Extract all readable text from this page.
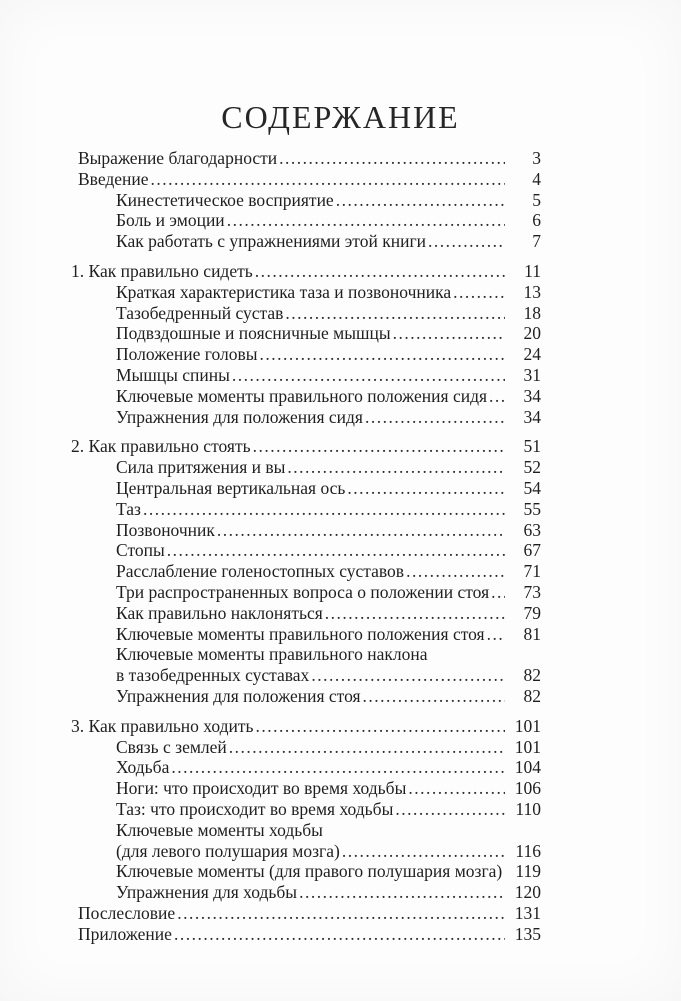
СОДЕРЖАНИЕ
Выражение благодарности .....	3
Введение .....	4
Кинестетическое восприятие .....	5
Боль и эмоции .....	6
Как работать с упражнениями этой книги .....	7
1. Как правильно сидеть .....	11
Краткая характеристика таза и позвоночника .....	13
Тазобедренный сустав .....	18
Подвздошные и поясничные мышцы .....	20
Положение головы .....	24
Мышцы спины .....	31
Ключевые моменты правильного положения сидя .....	34
Упражнения для положения сидя .....	34
2. Как правильно стоять .....	51
Сила притяжения и вы .....	52
Центральная вертикальная ось .....	54
Таз .....	55
Позвоночник .....	63
Стопы .....	67
Расслабление голеностопных суставов .....	71
Три распространенных вопроса о положении стоя .....	73
Как правильно наклоняться .....	79
Ключевые моменты правильного положения стоя .....	81
Ключевые моменты правильного наклона
в тазобедренных суставах .....	82
Упражнения для положения стоя .....	82
3. Как правильно ходить .....	101
Связь с землей .....	101
Ходьба .....	104
Ноги: что происходит во время ходьбы .....	106
Таз: что происходит во время ходьбы .....	110
Ключевые моменты ходьбы
(для левого полушария мозга) .....	116
Ключевые моменты (для правого полушария мозга) ..... 119
Упражнения для ходьбы .....	120
Послесловие .....	131
Приложение .....	135
